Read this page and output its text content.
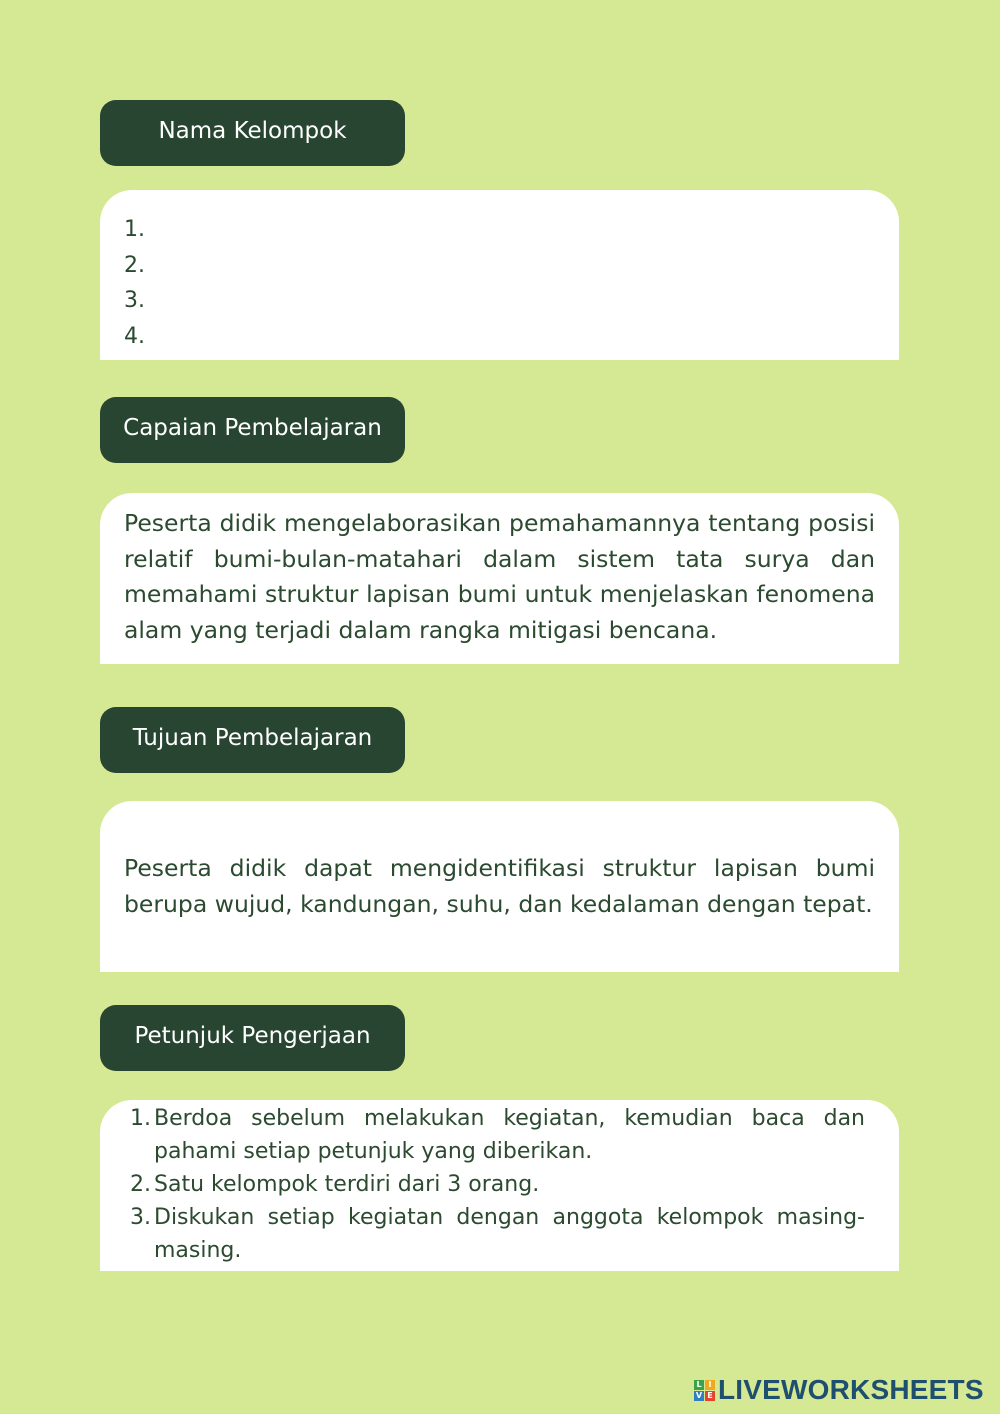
Nama Kelompok
1.
2.
3.
4.
Capaian Pembelajaran

Peserta didik mengelaborasikan pemahamannya tentang posisi relatif bumi-bulan-matahari dalam sistem tata surya dan memahami struktur lapisan bumi untuk menjelaskan fenomena alam yang terjadi dalam rangka mitigasi bencana.

Tujuan Pembelajaran

Peserta didik dapat mengidentifikasi struktur lapisan bumi berupa wujud, kandungan, suhu, dan kedalaman dengan tepat.

Petunjuk Pengerjaan
1. Berdoa sebelum melakukan kegiatan, kemudian baca dan pahami setiap petunjuk yang diberikan.
2. Satu kelompok terdiri dari 3 orang.
3. Diskukan setiap kegiatan dengan anggota kelompok masing-masing.
L I
V E LIVEWORKSHEETS
